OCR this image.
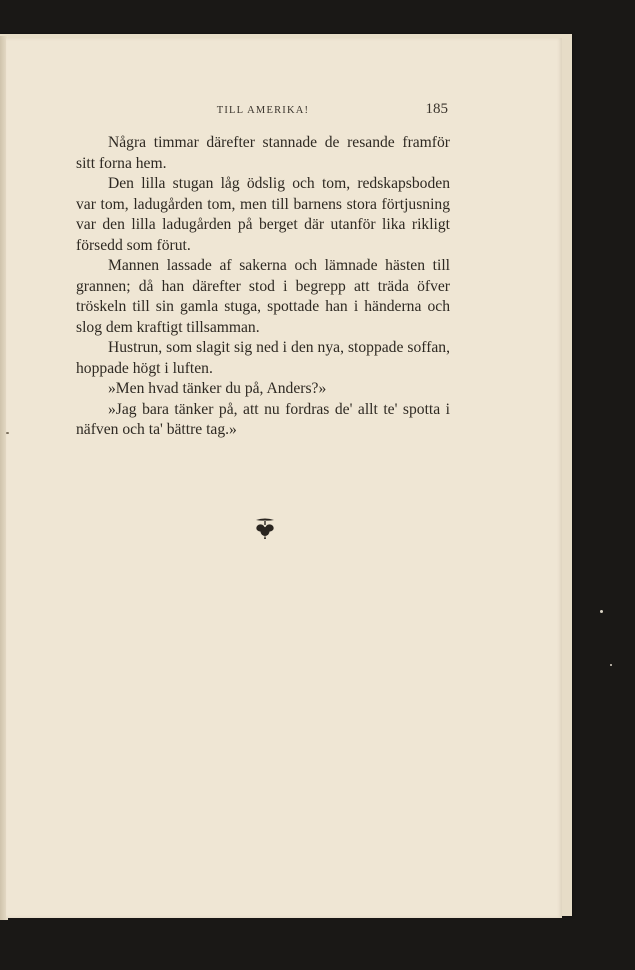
TILL AMERIKA!	185

Några timmar därefter stannade de resande framför sitt forna hem.

Den lilla stugan låg ödslig och tom, redskapsboden var tom, ladugården tom, men till barnens stora förtjusning var den lilla ladugården på berget där utanför lika rikligt försedd som förut.

Mannen lassade af sakerna och lämnade hästen till grannen; då han därefter stod i begrepp att träda öfver tröskeln till sin gamla stuga, spottade han i händerna och slog dem kraftigt tillsamman.

Hustrun, som slagit sig ned i den nya, stoppade soffan, hoppade högt i luften.

»Men hvad tänker du på, Anders?»

»Jag bara tänker på, att nu fordras de' allt te' spotta i näfven och ta' bättre tag.»
